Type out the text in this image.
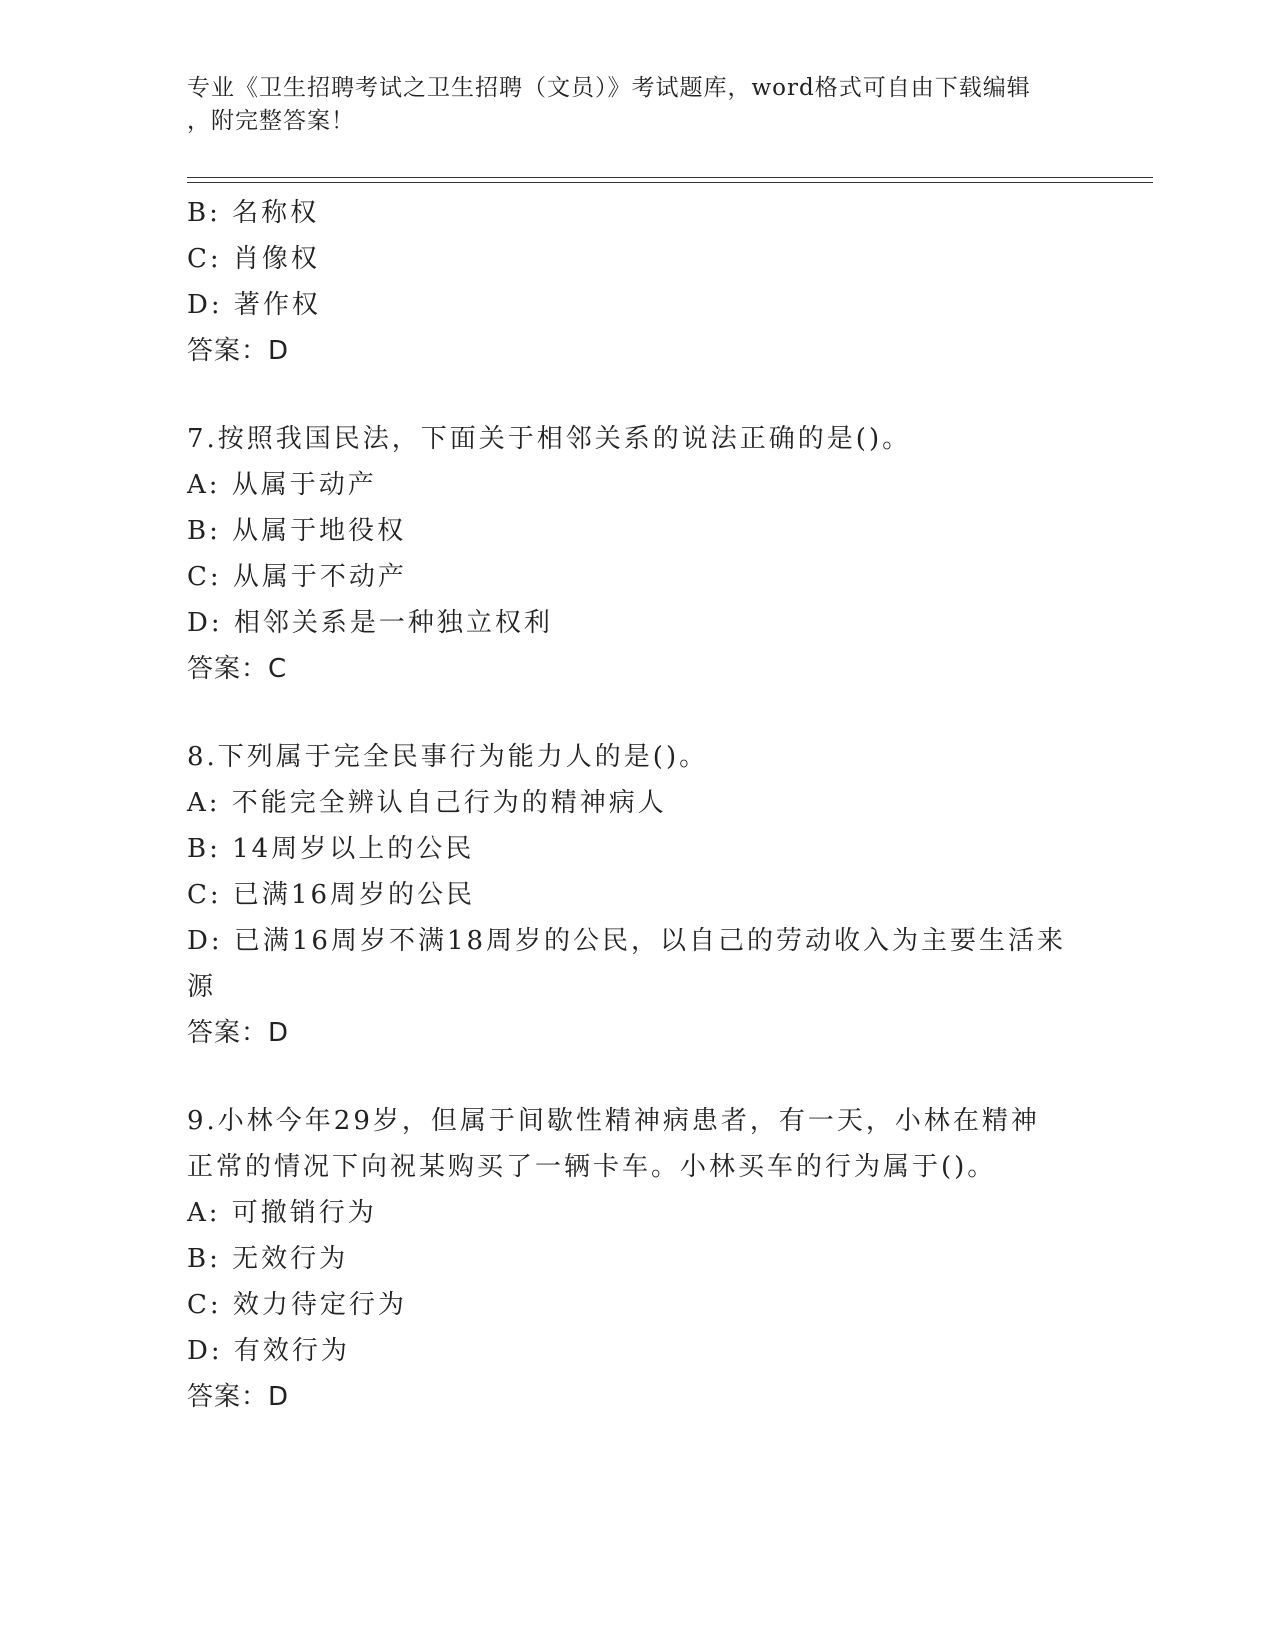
专业《卫生招聘考试之卫生招聘（文员）》考试题库，word格式可自由下载编辑
，附完整答案！
B: 名称权
C: 肖像权
D: 著作权
答案：D
7.按照我国民法，下面关于相邻关系的说法正确的是()。
A: 从属于动产
B: 从属于地役权
C: 从属于不动产
D: 相邻关系是一种独立权利
答案：C
8.下列属于完全民事行为能力人的是()。
A: 不能完全辨认自己行为的精神病人
B: 14周岁以上的公民
C: 已满16周岁的公民
D: 已满16周岁不满18周岁的公民，以自己的劳动收入为主要生活来源
答案：D
9.小林今年29岁，但属于间歇性精神病患者，有一天，小林在精神正常的情况下向祝某购买了一辆卡车。小林买车的行为属于()。
A: 可撤销行为
B: 无效行为
C: 效力待定行为
D: 有效行为
答案：D
